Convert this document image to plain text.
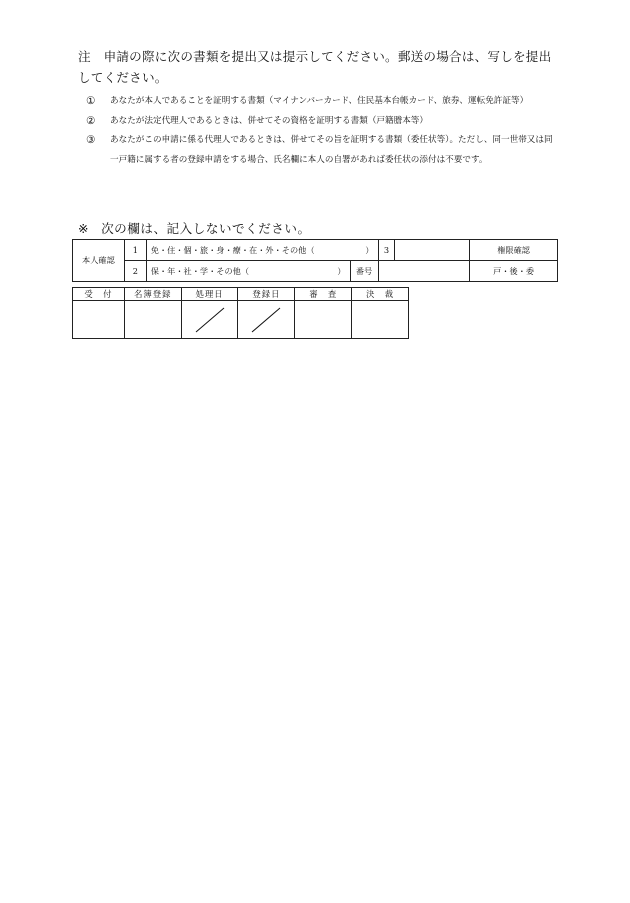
注　 申請の際に次の書類を提出又は提示してください。郵送の場合は、写しを提出してください。
① あなたが本人であることを証明する書類（マイナンバーカード、住民基本台帳カード、旅券、運転免許証等）
② あなたが法定代理人であるときは、併せてその資格を証明する書類（戸籍謄本等）
③ あなたがこの申請に係る代理人であるときは、併せてその旨を証明する書類（委任状等）。ただし、同一世帯又は同一戸籍に属する者の登録申請をする場合、氏名欄に本人の自署があれば委任状の添付は不要です。
※ 次の欄は、記入しないでください。
本人確認	1	免・住・個・旅・身・療・在・外・その他（ ）		3		権限確認
	2	保・年・社・学・その他（ ）	番号			戸・後・委
受　付	名簿登録	処理日	登録日	審　査	決　裁
